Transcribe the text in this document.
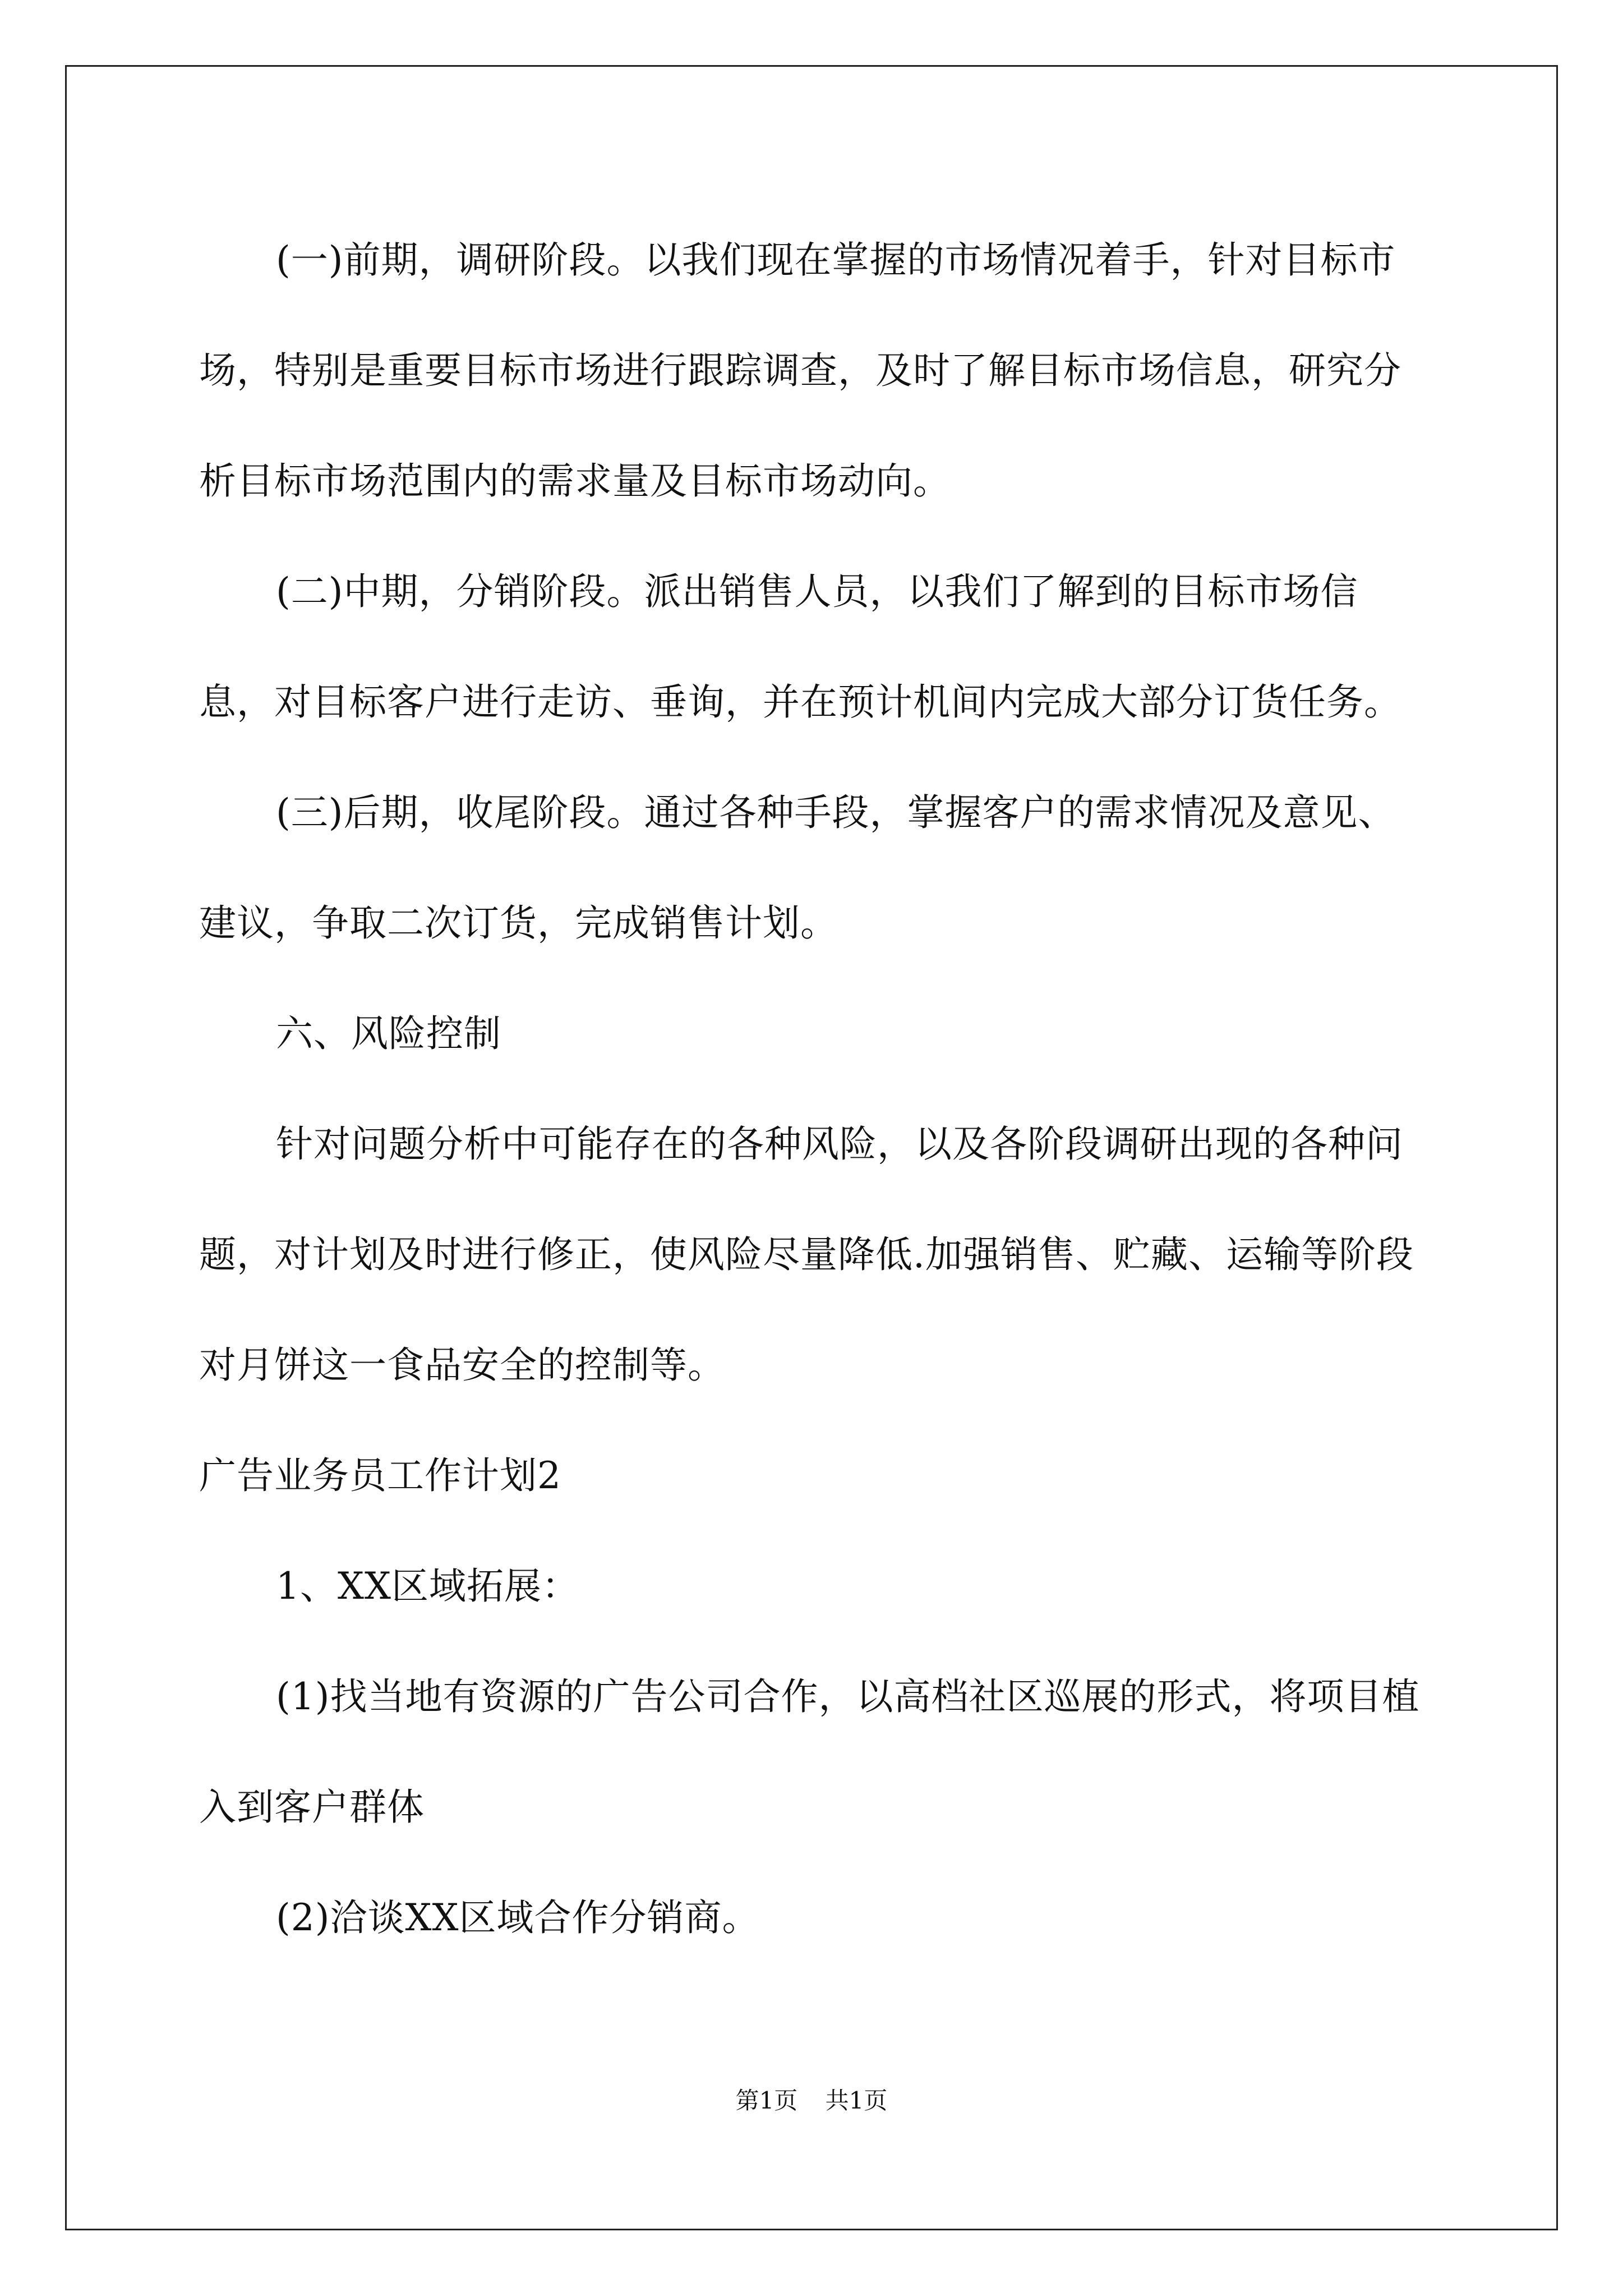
(一)前期，调研阶段。以我们现在掌握的市场情况着手，针对目标市场，特别是重要目标市场进行跟踪调查，及时了解目标市场信息，研究分析目标市场范围内的需求量及目标市场动向。

(二)中期，分销阶段。派出销售人员，以我们了解到的目标市场信息，对目标客户进行走访、垂询，并在预计机间内完成大部分订货任务。

(三)后期，收尾阶段。通过各种手段，掌握客户的需求情况及意见、建议，争取二次订货，完成销售计划。

六、风险控制

针对问题分析中可能存在的各种风险，以及各阶段调研出现的各种问题，对计划及时进行修正，使风险尽量降低.加强销售、贮藏、运输等阶段对月饼这一食品安全的控制等。

广告业务员工作计划2

1、XX区域拓展：

(1)找当地有资源的广告公司合作，以高档社区巡展的形式，将项目植入到客户群体

(2)洽谈XX区域合作分销商。

第1页 共1页
